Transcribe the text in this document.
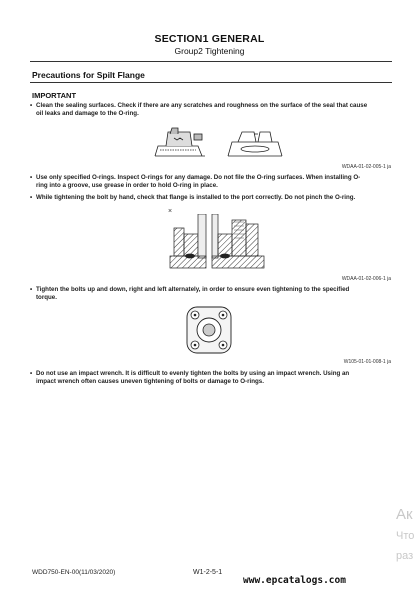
SECTION1 GENERAL
Group2 Tightening
Precautions for Spilt Flange
IMPORTANT
• Clean the sealing surfaces. Check if there are any scratches and roughness on the surface of the seal that cause
oil leaks and damage to the O-ring.
WDAA-01-02-005-1 ja
• Use only specified O-rings. Inspect O-rings for any damage. Do not file the O-ring surfaces. When installing O-
ring into a groove, use grease in order to hold O-ring in place.
• While tightening the bolt by hand, check that flange is installed to the port correctly. Do not pinch the O-ring.
×
WDAA-01-02-006-1 ja
• Tighten the bolts up and down, right and left alternately, in order to ensure even tightening to the specified
torque.
W105-01-01-008-1 ja
• Do not use an impact wrench. It is difficult to evenly tighten the bolts by using an impact wrench. Using an
impact wrench often causes uneven tightening of bolts or damage to O-rings.
Ак
Что
раз
WDD750-EN-00(11/03/2020)	W1-2-5-1
www.epcatalogs.com
